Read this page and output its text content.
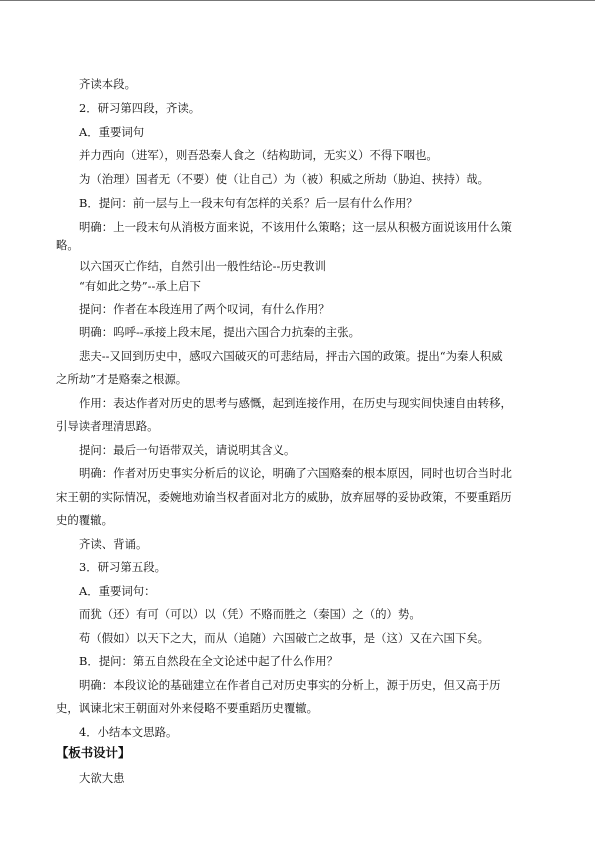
齐读本段。
2．研习第四段，齐读。
A．重要词句
并力西向（进军），则吾恐秦人食之（结构助词，无实义）不得下咽也。
为（治理）国者无（不要）使（让自己）为（被）积威之所劫（胁迫、挟持）哉。
B．提问：前一层与上一段末句有怎样的关系？后一层有什么作用？
明确：上一段末句从消极方面来说，不该用什么策略；这一层从积极方面说该用什么策
略。
以六国灭亡作结，自然引出一般性结论--历史教训
“有如此之势”--承上启下
提问：作者在本段连用了两个叹词，有什么作用？
明确：呜呼--承接上段末尾，提出六国合力抗秦的主张。
悲夫--又回到历史中，感叹六国破灭的可悲结局，抨击六国的政策。提出“为秦人积威
之所劫”才是赂秦之根源。
作用：表达作者对历史的思考与感慨，起到连接作用，在历史与现实间快速自由转移，
引导读者理清思路。
提问：最后一句语带双关，请说明其含义。
明确：作者对历史事实分析后的议论，明确了六国赂秦的根本原因，同时也切合当时北
宋王朝的实际情况，委婉地劝谕当权者面对北方的威胁，放弃屈辱的妥协政策，不要重蹈历
史的覆辙。
齐读、背诵。
3．研习第五段。
A．重要词句：
而犹（还）有可（可以）以（凭）不赂而胜之（秦国）之（的）势。
苟（假如）以天下之大，而从（追随）六国破亡之故事，是（这）又在六国下矣。
B．提问：第五自然段在全文论述中起了什么作用？
明确：本段议论的基础建立在作者自己对历史事实的分析上，源于历史，但又高于历
史，讽谏北宋王朝面对外来侵略不要重蹈历史覆辙。
4．小结本文思路。
【板书设计】
大欲大患
